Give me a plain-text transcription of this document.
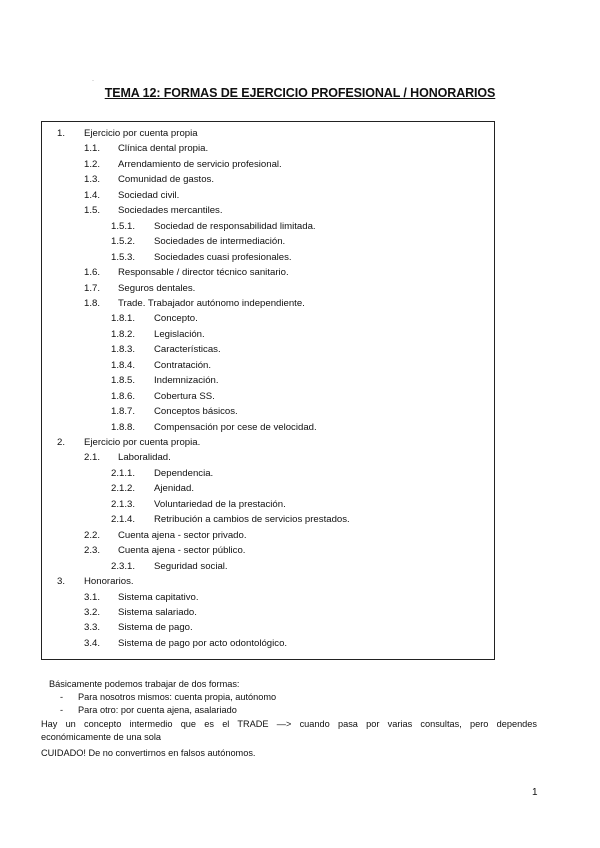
·
TEMA 12: FORMAS DE EJERCICIO PROFESIONAL / HONORARIOS
1. Ejercicio por cuenta propia
1.1. Clínica dental propia.
1.2. Arrendamiento de servicio profesional.
1.3. Comunidad de gastos.
1.4. Sociedad civil.
1.5. Sociedades mercantiles.
1.5.1. Sociedad de responsabilidad limitada.
1.5.2. Sociedades de intermediación.
1.5.3. Sociedades cuasi profesionales.
1.6. Responsable / director técnico sanitario.
1.7. Seguros dentales.
1.8. Trade. Trabajador autónomo independiente.
1.8.1. Concepto.
1.8.2. Legislación.
1.8.3. Características.
1.8.4. Contratación.
1.8.5. Indemnización.
1.8.6. Cobertura SS.
1.8.7. Conceptos básicos.
1.8.8. Compensación por cese de velocidad.
2. Ejercicio por cuenta propia.
2.1. Laboralidad.
2.1.1. Dependencia.
2.1.2. Ajenidad.
2.1.3. Voluntariedad de la prestación.
2.1.4. Retribución a cambios de servicios prestados.
2.2. Cuenta ajena - sector privado.
2.3. Cuenta ajena - sector público.
2.3.1. Seguridad social.
3. Honorarios.
3.1. Sistema capitativo.
3.2. Sistema salariado.
3.3. Sistema de pago.
3.4. Sistema de pago por acto odontológico.
Básicamente podemos trabajar de dos formas:
- Para nosotros mismos: cuenta propia, autónomo
- Para otro: por cuenta ajena, asalariado
Hay un concepto intermedio que es el TRADE —> cuando pasa por varias consultas, pero dependes
económicamente de una sola
CUIDADO! De no convertirnos en falsos autónomos.
1
